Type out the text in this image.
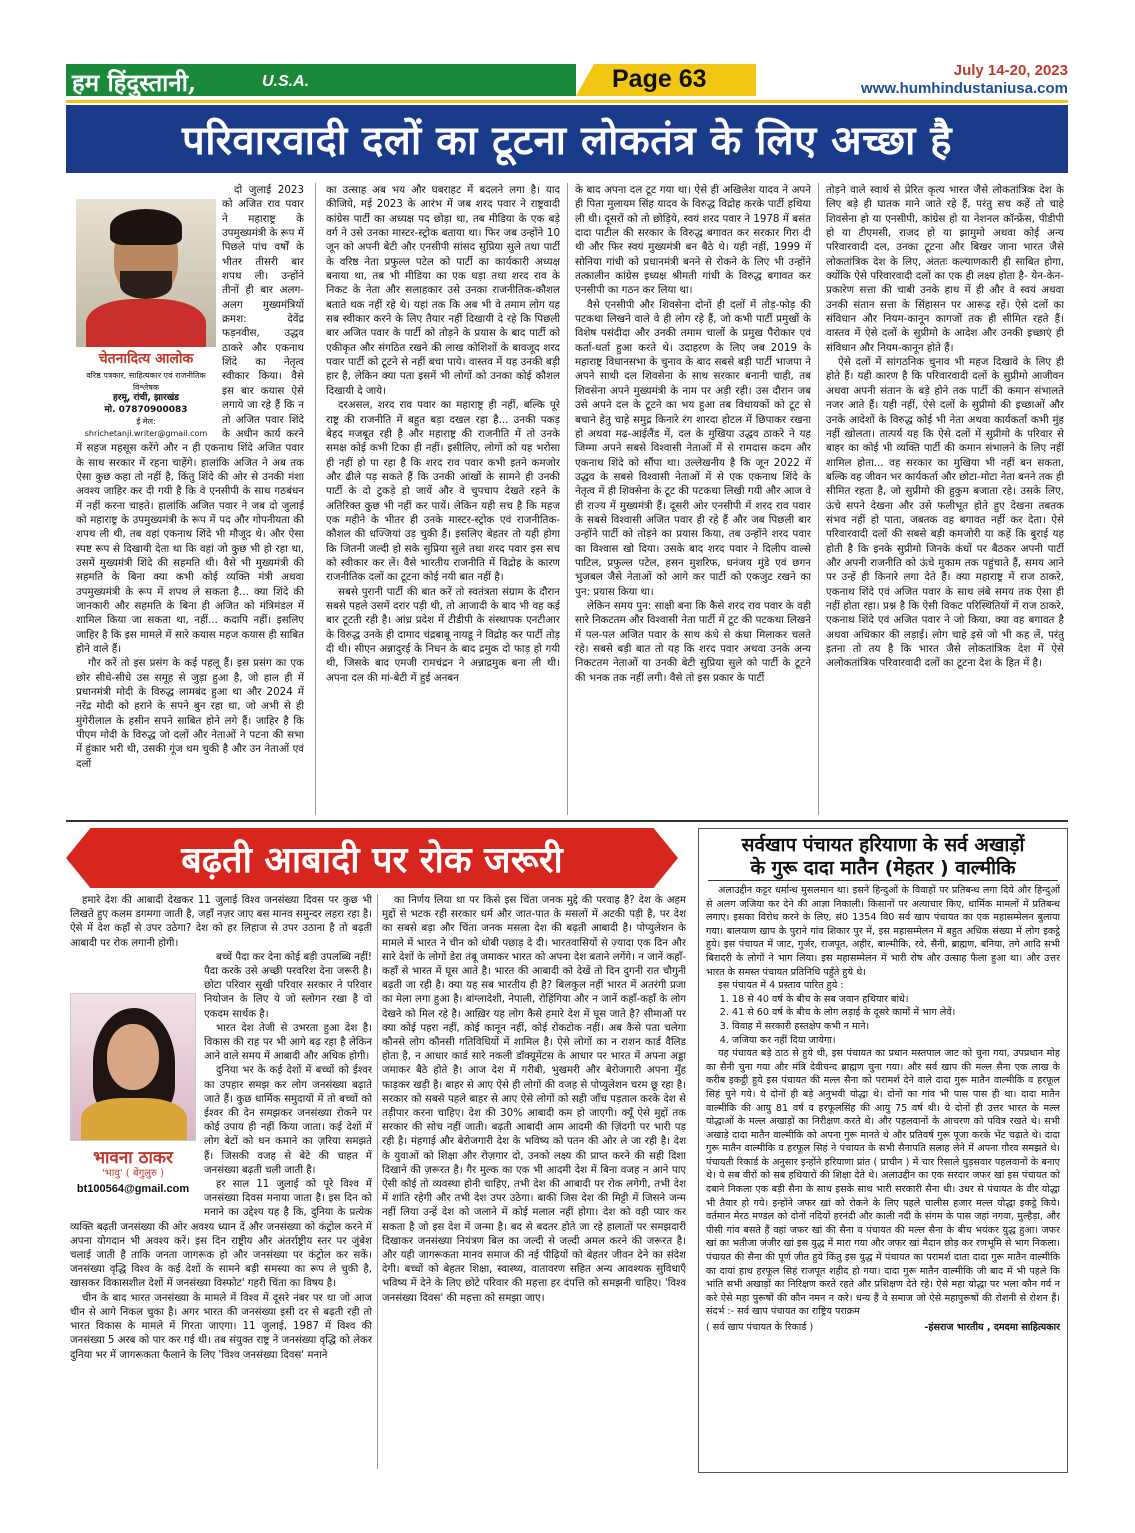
हम हिंदुस्तानी,	U.S.A.	Page 63	July 14-20, 2023
www.humhindustaniusa.com
परिवारवादी दलों का टूटना लोकतंत्र के लिए अच्छा है
चेतनादित्य आलोक
वरिष्ठ पत्रकार, साहित्यकार एवं राजनीतिक विश्लेषक
हरमू, रांची, झारखंड
मो. 07870900083
ई मेल: shrichetanji.writer@gmail.com

दो जुलाई 2023 को अजित राव पवार ने महाराष्ट्र के उपमुख्यमंत्री के रूप में पिछले पांच वर्षों के भीतर तीसरी बार शपथ ली। उन्होंने तीनों ही बार अलग-अलग मुख्यमंत्रियों क्रमश: देवेंद्र फड़नवीस, उद्धव ठाकरे और एकनाथ शिंदे का नेतृत्व स्वीकार किया। वैसे इस बार कयास ऐसे लगाये जा रहे हैं कि न तो अजित पवार शिंदे के अधीन कार्य करने में सहज महसूस करेंगे और न ही एकनाथ शिंदे अजित पवार के साथ सरकार में रहना चाहेंगे। हालांकि अजित ने अब तक ऐसा कुछ कहा तो नहीं है, किंतु शिंदे की ओर से उनकी मंशा अवश्य जाहिर कर दी गयी है कि वे एनसीपी के साथ गठबंधन में नहीं करना चाहते। हालांकि अजित पवार ने जब दो जुलाई को महाराष्ट्र के उपमुख्यमंत्री के रूप में पद और गोपनीयता की शपथ ली थी, तब वहां एकनाथ शिंदे भी मौजूद थे। और ऐसा स्पष्ट रूप से दिखायी देता था कि वहां जो कुछ भी हो रहा था, उसमें मुख्यमंत्री शिंदे की सहमति थी। वैसे भी मुख्यमंत्री की सहमति के बिना क्या कभी कोई व्यक्ति मंत्री अथवा उपमुख्यमंत्री के रूप में शपथ ले सकता है... क्या शिंदे की जानकारी और सहमति के बिना ही अजित को मंत्रिमंडल में शामिल किया जा सकता था, नहीं... कदापि नहीं। इसलिए जाहिर है कि इस मामले में सारे कयास महज कयास ही साबित होने वाले हैं।

गौर करें तो इस प्रसंग के कई पहलू हैं। इस प्रसंग का एक छोर सीधे-सीधे उस समूह से जुड़ा हुआ है, जो हाल ही में प्रधानमंत्री मोदी के विरुद्ध लामबंद हुआ था और 2024 में नरेंद्र मोदी को हराने के सपने बुन रहा था, जो अभी से ही मुंगेरीलाल के हसीन सपने साबित होने लगे हैं। जाहिर है कि पीएम मोदी के विरुद्ध जो दलों और नेताओं ने पटना की सभा में हुंकार भरी थी, उसकी गूंज थम चुकी है और उन नेताओं एवं दलों

का उत्साह अब भय और घबराहट में बदलने लगा है। याद कीजिये, मई 2023 के आरंभ में जब शरद पवार ने राष्ट्रवादी कांग्रेस पार्टी का अध्यक्ष पद छोड़ा था, तब मीडिया के एक बड़े वर्ग ने उसे उनका मास्टर-स्ट्रोक बताया था। फिर जब उन्होंने 10 जून को अपनी बेटी और एनसीपी सांसद सुप्रिया सुले तथा पार्टी के वरिष्ठ नेता प्रफुल्ल पटेल को पार्टी का कार्यकारी अध्यक्ष बनाया था, तब भी मीडिया का एक धड़ा तथा शरद राव के निकट के नेता और सलाहकार उसे उनका राजनीतिक-कौशल बताते थक नहीं रहे थे। यहां तक कि अब भी वे तमाम लोग यह सब स्वीकार करने के लिए तैयार नहीं दिखायी दे रहे कि पिछली बार अजित पवार के पार्टी को तोड़ने के प्रयास के बाद पार्टी को एकीकृत और संगठित रखने की लाख कोशिशों के बावजूद शरद पवार पार्टी को टूटने से नहीं बचा पाये। वास्तव में यह उनकी बड़ी हार है, लेकिन क्या पता इसमें भी लोगों को उनका कोई कौशल दिखायी दे जाये।

दरअसल, शरद राव पवार का महाराष्ट्र ही नहीं, बल्कि पूरे राष्ट्र की राजनीति में बहुत बड़ा दखल रहा है... उनकी पकड़ बेहद मजबूत रही है और महाराष्ट्र की राजनीति में तो उनके समक्ष कोई कभी टिका ही नहीं। इसीलिए, लोगों को यह भरोसा ही नहीं हो पा रहा है कि शरद राव पवार कभी इतने कमजोर और ढीले पड़ सकते हैं कि उनकी आंखों के सामने ही उनकी पार्टी के दो टुकड़े हो जायें और वे चुपचाप देखते रहने के अतिरिक्त कुछ भी नहीं कर पायें। लेकिन यही सच है कि महज एक महीने के भीतर ही उनके मास्टर-स्ट्रोक एवं राजनीतिक-कौशल की धज्जियां उड़ चुकी हैं। इसलिए बेहतर तो यही होगा कि जितनी जल्दी हो सके सुप्रिया सुले तथा शरद पवार इस सच को स्वीकार कर लें। वैसे भारतीय राजनीति में विद्रोह के कारण राजनीतिक दलों का टूटना कोई नयी बात नहीं है।

सबसे पुरानी पार्टी की बात करें तो स्वतंत्रता संग्राम के दौरान सबसे पहले उसमें दरार पड़ी थी, तो आजादी के बाद भी वह कई बार टूटती रही है। आंध्र प्रदेश में टीडीपी के संस्थापक एनटीआर के विरुद्ध उनके ही दामाद चंद्रबाबू नायडू ने विद्रोह कर पार्टी तोड़ दी थी। सीएन अन्नादुरई के निधन के बाद द्रमुक दो फाड़ हो गयी थी, जिसके बाद एमजी रामचंद्रन ने अन्नाद्रमुक बना ली थी। अपना दल की मां-बेटी में हुई अनबन

के बाद अपना दल टूट गया था। ऐसे ही अखिलेश यादव ने अपने ही पिता मुलायम सिंह यादव के विरुद्ध विद्रोह करके पार्टी हथिया ली थी। दूसरों को तो छोड़िये, स्वयं शरद पवार ने 1978 में बसंत दादा पाटील की सरकार के विरुद्ध बगावत कर सरकार गिरा दी थी और फिर स्वयं मुख्यमंत्री बन बैठे थे। यही नहीं, 1999 में सोनिया गांधी को प्रधानमंत्री बनने से रोकने के लिए भी उन्होंने तत्कालीन कांग्रेस इध्यक्ष श्रीमती गांधी के विरुद्ध बगावत कर एनसीपी का गठन कर लिया था।

वैसे एनसीपी और शिवसेना दोनों ही दलों में तोड़-फोड़ की पटकथा लिखने वाले वे ही लोग रहे हैं, जो कभी पार्टी प्रमुखों के विशेष पसंदीदा और उनकी तमाम चालों के प्रमुख पैरोकार एवं कर्ता-धर्ता हुआ करते थे। उदाहरण के लिए जब 2019 के महाराष्ट्र विधानसभा के चुनाव के बाद सबसे बड़ी पार्टी भाजपा ने अपने साथी दल शिवसेना के साथ सरकार बनानी चाही, तब शिवसेना अपने मुख्यमंत्री के नाम पर अड़ी रही। उस दौरान जब उसे अपने दल के टूटने का भय हुआ तब विधायकों को टूट से बचाने हेतु चाहे समुद्र किनारे रंग शारदा होटल में छिपाकर रखना हो अथवा मढ-आईलैंड में, दल के मुखिया उद्धव ठाकरे ने यह जिम्मा अपने सबसे विश्वासी नेताओं में से रामदास कदम और एकनाथ शिंदे को सौंपा था। उल्लेखनीय है कि जून 2022 में उद्धव के सबसे विश्वासी नेताओं में से एक एकनाथ शिंदे के नेतृत्व में ही शिवसेना के टूट की पटकथा लिखी गयी और आज वे ही राज्य में मुख्यमंत्री हैं। दूसरी ओर एनसीपी में शरद राव पवार के सबसे विश्वासी अजित पवार ही रहे हैं और जब पिछली बार उन्होंने पार्टी को तोड़ने का प्रयास किया, तब उन्होंने शरद पवार का विश्वास खो दिया। उसके बाद शरद पवार ने दिलीप वाल्से पाटिल, प्रफुल्ल पटेल, हसन मुशरिफ, धनंजय मुंडे एवं छगन भुजबल जैसे नेताओं को आगे कर पार्टी को एकजुट रखने का पुन: प्रयास किया था।

लेकिन समय पुन: साक्षी बना कि कैसे शरद राव पवार के वही सारे निकटतम और विश्वासी नेता पार्टी में टूट की पटकथा लिखने में पल-पल अजित पवार के साथ कंधे से कंधा मिलाकर चलते रहे। सबसे बड़ी बात तो यह कि शरद पवार अथवा उनके अन्य निकटतम नेताओं या उनकी बेटी सुप्रिया सुले को पार्टी के टूटने की भनक तक नहीं लगी। वैसे तो इस प्रकार के पार्टी

तोड़ने वाले स्वार्थ से प्रेरित कृत्य भारत जैसे लोकतांत्रिक देश के लिए बड़े ही घातक माने जाते रहे हैं, परंतु सच कहें तो चाहे शिवसेना हो या एनसीपी, कांग्रेस हो या नेशनल कॉन्फ्रेंस, पीडीपी हो या टीएमसी, राजद हो या झामुमो अथवा कोई अन्य परिवारवादी दल, उनका टूटना और बिखर जाना भारत जैसे लोकतांत्रिक देश के लिए, अंततः कल्याणकारी ही साबित होगा, क्योंकि ऐसे परिवारवादी दलों का एक ही लक्ष्य होता है- येन-केन-प्रकारेण सत्ता की चाबी उनके हाथ में ही और वे स्वयं अथवा उनकी संतान सत्ता के सिंहासन पर आरूढ़ रहें। ऐसे दलों का संविधान और नियम-कानून कागजों तक ही सीमित रहते हैं। वास्तव में ऐसे दलों के सुप्रीमो के आदेश और उनकी इच्छाएं ही संविधान और नियम-कानून होते हैं।

ऐसे दलों में सांगठनिक चुनाव भी महज दिखावे के लिए ही होते हैं। यही कारण है कि परिवारवादी दलों के सुप्रीमो आजीवन अथवा अपनी संतान के बड़े होने तक पार्टी की कमान संभालते नजर आते हैं। यही नहीं, ऐसे दलों के सुप्रीमो की इच्छाओं और उनके आदेशों के विरुद्ध कोई भी नेता अथवा कार्यकर्ता कभी मुंह नहीं खोलता। तात्पर्य यह कि ऐसे दलों में सुप्रीमो के परिवार से बाहर का कोई भी व्यक्ति पार्टी की कमान संभालने के लिए नहीं शामिल होता... वह सरकार का मुखिया भी नहीं बन सकता, बल्कि वह जीवन भर कार्यकर्ता और छोटा-मोटा नेता बनने तक ही सीमित रहता है, जो सुप्रीमो की हुकुम बजाता रहे। उसके लिए, ऊंचे सपने देखना और उसे फलीभूत होते हुए देखना तबतक संभव नहीं हो पाता, जबतक वह बगावत नहीं कर देता। ऐसे परिवारवादी दलों की सबसे बड़ी कमजोरी या कहें कि बुराई यह होती है कि इनके सुप्रीमो जिनके कंधों पर बैठकर अपनी पार्टी और अपनी राजनीति को ऊंचे मुकाम तक पहुंचाते हैं, समय आने पर उन्हें ही किनारे लगा देते हैं। क्या महाराष्ट्र में राज ठाकरे, एकनाथ शिंदे एवं अजित पवार के साथ लंबे समय तक ऐसा ही नहीं होता रहा। प्रश्न है कि ऐसी विकट परिस्थितियों में राज ठाकरे, एकनाथ शिंदे एवं अजित पवार ने जो किया, क्या वह बगावत है अथवा अधिकार की लड़ाई। लोग चाहे इसे जो भी कह लें, परंतु इतना तो तय है कि भारत जैसे लोकतांत्रिक देश में ऐसे अलोकतांत्रिक परिवारवादी दलों का टूटना देश के हित में है।

बढ़ती आबादी पर रोक जरूरी

हमारे देश की आबादी देखकर 11 जुलाई विश्व जनसंख्या दिवस पर कुछ भी लिखते हुए कलम डगमगा जाती है, जहाँ नज़र जाए बस मानव समुन्दर लहरा रहा है। ऐसे में देश कहाँ से उपर उठेगा? देश को हर लिहाज से उपर उठाना है तो बढ़ती आबादी पर रोक लगानी होगी।

भावना ठाकर
'भावु' ( बेंगुलुरु )
bt100564@gmail.com

बच्चें पैदा कर देना कोई बड़ी उपलब्धि नहीं! पैदा करके उसे अच्छी परवरिश देना जरूरी है। छोटा परिवार सुखी परिवार सरकार ने परिवार नियोजन के लिए ये जो स्लोगन रखा है वो एकदम सार्थक है।

भारत देश तेजी से उभरता हुआ देश है। विकास की राह पर भी आगे बढ़ रहा है लेकिन आने वाले समय में आबादी और अधिक होगी।

दुनिया भर के कई देशों में बच्चों को ईश्वर का उपहार समझ कर लोग जनसंख्या बढ़ाते जाते हैं। कुछ धार्मिक समुदायों में तो बच्चों को ईश्वर की देन समझकर जनसंख्या रोकने पर कोई उपाय ही नहीं किया जाता। कई देशों में लोग बेटों को धन कमाने का ज़रिया समझते हैं। जिसकी वजह से बेटे की चाहत में जनसंख्या बढ़ती चली जाती है।

हर साल 11 जुलाई को पूरे विश्व में जनसंख्या दिवस मनाया जाता है। इस दिन को मनाने का उद्देश्य यह है कि, दुनिया के प्रत्येक व्यक्ति बढ़ती जनसंख्या की ओर अवश्य ध्यान दें और जनसंख्या को कंट्रोल करने में अपना योगदान भी अवश्य करें। इस दिन राष्ट्रीय और अंतर्राष्ट्रीय स्तर पर जुंबेश चलाई जाती है ताकि जनता जागरूक हो और जनसंख्या पर कंट्रोल कर सकें। जनसंख्या वृद्धि विश्व के कई देशों के सामने बड़ी समस्या का रूप ले चुकी है, खासकर विकासशील देशों में जनसंख्या विस्फोट' गहरी चिंता का विषय है।

चीन के बाद भारत जनसंख्या के मामले में विश्व में दूसरे नंबर पर था जो आज चीन से आगे निकल चुका है। अगर भारत की जनसंख्या इसी दर से बढ़ती रही तो भारत विकास के मामले में गिरता जाएगा। 11 जुलाई, 1987 में विश्व की जनसंख्या 5 अरब को पार कर गई थी। तब संयुक्त राष्ट्र ने जनसंख्या वृद्धि को लेकर दुनिया भर में जागरूकता फैलाने के लिए 'विश्व जनसंख्या दिवस' मनाने

का निर्णय लिया था पर किसे इस चिंता जनक मुद्दे की परवाह है? देश के अहम मुद्दों से भटक रही सरकार धर्म और जात-पात के मसलों में अटकी पड़ी है, पर देश का सबसे बड़ा और चिंता जनक मसला देश की बढ़ती आबादी है। पोप्युलेशन के मामले में भारत ने चीन को धोबी पछाड़ दे दी। भारतवासियों से ज़्यादा एक दिन और सारे देशों के लोगों डेरा तंबू जमाकर भारत को अपना देश बताने लगेंगे। न जानें कहाँ-कहाँ से भारत में घूस आते है। भारत की आबादी को देखें तो दिन दुगनी रात चौगुनी बढ़ती जा रही है। क्या यह सब भारतीय ही है? बिलकुल नहीं भारत में अतरंगी प्रजा का मेला लगा हुआ है। बांग्लादेशी, नेपाली, रोहिंगिया और न जानें कहाँ-कहाँ के लोग देखने को मिल रहे है। आख़िर यह लोग कैसे हमारे देश में घूस जाते है? सीमाओं पर क्या कोई पहरा नहीं, कोई कानून नहीं, कोई रोकटोक नहीं। अब कैसे पता चलेगा कौनसे लोग कौनसी गतिविधियों में शामिल है। ऐसे लोगों का न राशन कार्ड वैलिड होता है, न आधार कार्ड सारे नकली डॉक्यूमेंटस के आधार पर भारत में अपना अड्डा जमाकर बैठे होते है। आज देश में गरीबी, भुखमरी और बेरोजगारी अपना मुँह फाड़कर खड़ी है। बाहर से आए ऐसे ही लोगों की वजह से पोप्युलेशन चरम छू रहा है। सरकार को सबसे पहले बाहर से आए ऐसे लोगों को सही जाँच पड़ताल करके देश से तड़ीपार करना चाहिए। देश की 30% आबादी कम हो जाएगी। क्यूँ ऐसे मुद्दों तक सरकार की सोच नहीं जाती। बढ़ती आबादी आम आदमी की ज़िंदगी पर भारी पड़ रही है। मंहगाई और बेरोजगारी देश के भविष्य को पतन की ओर ले जा रही है। देश के युवाओं को शिक्षा और रोज़गार दो, उनको लक्ष्य की प्राप्त करने की सही दिशा दिखाने की ज़रूरत है। गैर मुल्क का एक भी आदमी देश में बिना वजह न आने पाए ऐसी कोई तो व्यवस्था होनी चाहिए, तभी देश की आबादी पर रोक लगेगी, तभी देश में शांति रहेगी और तभी देश उपर उठेगा। बाकी जिस देश की मिट्टी में जिसने जन्म नहीं लिया उन्हें देश को जलाने में कोई मलाल नहीं होगा। देश को वही प्यार कर सकता है जो इस देश में जन्मा है। बद से बदतर होते जा रहे हालातों पर समझदारी दिखाकर जनसंख्या नियंत्रण बिल का जल्दी से जल्दी अमल करने की जरूरत है। और यही जागरूकता मानव समाज की नई पीढ़ियों को बेहतर जीवन देने का संदेश देगी। बच्चों को बेहतर शिक्षा, स्वास्थ्य, वातावरण सहित अन्य आवश्यक सुविधाएँ भविष्य में देने के लिए छोटे परिवार की महत्ता हर दंपत्ति को समझनी चाहिए। 'विश्व जनसंख्या दिवस' की महत्ता को समझा जाए।

सर्वखाप पंचायत हरियाणा के सर्व अखाड़ों
के गुरू दादा मातैन (मेहतर ) वाल्मीकि

अलाउद्दीन कट्टर धर्मान्ध मुसलमान था। इसने हिन्दुओं के विवाहों पर प्रतिबन्ध लगा दिये और हिन्दुओं से अलग जजिया कर देने की आज्ञा निकाली। किसानों पर अत्याचार किए, धार्मिक मामलों में प्रतिबन्ध लगाए। इसका विरोध करने के लिए, सं0 1354 वि0 सर्व खाप पंचायत का एक महासम्मेलन बुलाया गया। बालयाण खाप के पुराने गांव शिकार पुर में, इस महासम्मेलन में बहुत अधिक संख्या में लोग इकट्ठे हुये। इस पंचायत में जाट, गुर्जर, राजपूत, अहीर, बाल्मीकि, रवे, सैनी, ब्राह्मण, बनिया, तगे आदि सभी बिरादरी के लोगों ने भाग लिया। इस महासम्मेलन में भारी रोष और उत्साह फैला हुआ था। और उत्तर भारत के समस्त पंचायत प्रतिनिधि पहुँते हुये थे।

इस पंचायत में 4 प्रस्ताव पारित हुये :

1. 18 से 40 वर्ष के बीच के सब जवान हथियार बांधे।
2. 41 से 60 वर्ष के बीच के लोग लड़ाई के दूसरे कामों में भाग लेवें।
3. विवाह में सरकारी हस्तक्षेप कभी न माने।
4. जजिया कर नहीं दिया जायेगा।

यह पंचायत बड़े ठाठ से हुये थी, इस पंचायत का प्रधान मस्तपाल जाट को चुना गया, उपप्रधान मोह का सैनी चुना गया और मंत्रि देवीचन्द ब्राह्मण चुना गया। और सर्व खाप की मल्ल सैना एक लाख के करीब इकट्ठी हुये इस पंचायत की मल्ल सैना को परामर्श देने वाले दादा गुरू मातैन वाल्मीकि व हरफूल सिहं चुने गये। ये दोनों ही बड़े अनुभवी योद्धा थे। दोनों का गांव भी पास पास ही था। दादा मातैन वाल्मीकि की आयु 81 वर्ष व हरफूलसिंह की आयु 75 वर्ष थी। ये दोनों ही उत्तर भारत के मल्ल योद्धाओं के मल्ल अखाड़ों का निरीक्षण करते थे। और पहलवानों के आचरण को पवित्र रखते थे। सभी अखाड़े दादा मातैन वाल्मीकि को अपना गुरू मानते थे और प्रतिवर्ष गुरू पूजा करके भेंट चढ़ाते थे। दादा गुरू मातैन वाल्मीकि व हरफूल सिहं ने पंचायत के सभी सैनापति सलाह लेने में अपना गौरव समझते थे। पंचायती रिकार्ड के अनुसार इन्होंने हरियाणा प्रांत ( प्राचीन ) में चार रिसाले घुड़सवार पहलवानों के बनाए थे। ये सब वीरों को सब हथियारों की शिक्षा देते थे। अलाउद्दीन का एक सरदार जफर खां इस पंचायत को दबाने निकला एक बड़ी सैना के साथ इसके साथ भारी सरकारी सैना थी। उधर से पंचायत के वीर योद्धा भी तैयार हो गये। इन्होंने जफर खां को रोकने के लिए पहले चालीस हजार मल्ल योद्धा इकट्ठे किये। वर्तमान मेरठ मण्डल को दोनों नदियों हरनंदी और काली नदी के संगम के पास जहां नगवा, मुल्हैड़ा, और पीसी गांव बसते हैं वहां जफर खां की सैना व पंचायत की मल्ल सैना के बीच भयंकर युद्ध हुआ। जफर खां का भतीजा जंजीर खां इस युद्ध में मारा गया और जफर खां मैदान छोड़ कर रणभूमि से भाग निकला। पंचायत की सैना की पूर्ण जीत हुये किंतु इस युद्ध में पंचायत का परामर्श दाता दादा गुरू मातैन वाल्मीकि का दायां हाथ हरफूल सिहं राजपूत शहीद हो गया। दादा गुरू मातैन वाल्मीकि जी बाद में भी पहले कि भांति सभी अखाड़ों का निरिक्षण करते रहते और प्रशिक्षण देते रहे। ऐसे महा योद्धा पर भला कौन गर्व न करे ऐसे महा पुरूषों की कौन नमन न करे। धन्य हैं वे समाज जो ऐसे महापुरूषों की रोशनी से रोशन हैं। संदर्भ :- सर्व खाप पंचायत का राष्ट्रिय पराक्रम

( सर्व खाप पंचायत के रिकार्ड )	-हंसराज भारतीय , दमदमा साहित्यकार
